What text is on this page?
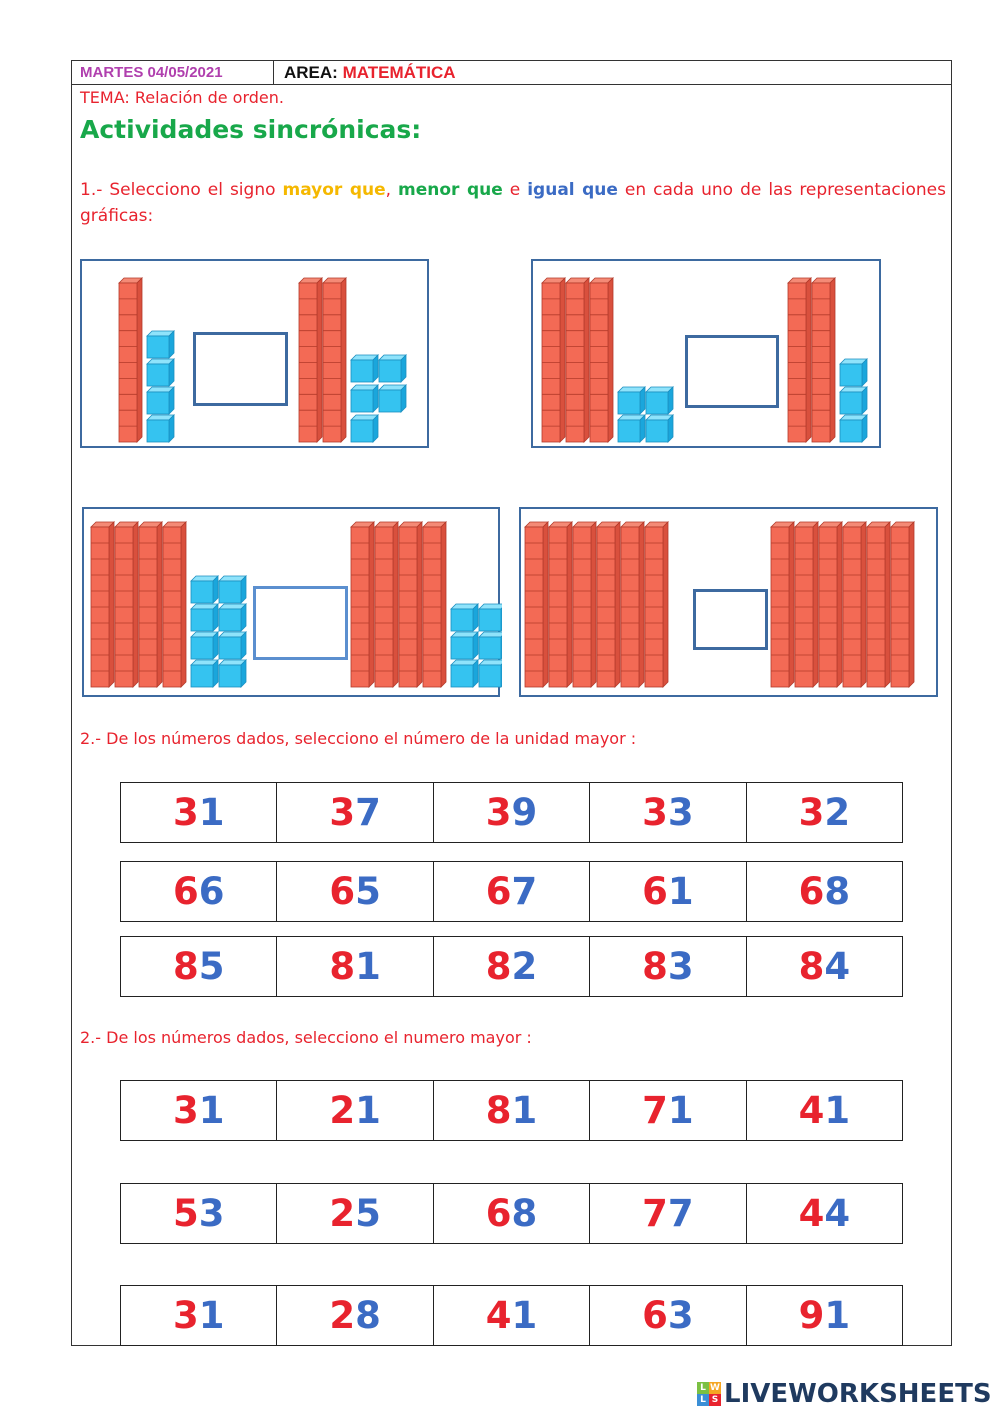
MARTES 04/05/2021	AREA: MATEMÁTICA
TEMA: Relación de orden.
Actividades sincrónicas:
1.- Selecciono el signo mayor que, menor que e igual que en cada uno de las representaciones gráficas:
2.- De los números dados, selecciono el número de la unidad mayor :
3 1	3 7	3 9	3 3	3 2
6 6	6 5	6 7	6 1	6 8
8 5	8 1	8 2	8 3	8 4
2.- De los números dados, selecciono el numero mayor :
3 1	2 1	8 1	7 1	4 1
5 3	2 5	6 8	7 7	4 4
3 1	2 8	4 1	6 3	9 1
L W
L S LIVEWORKSHEETS
